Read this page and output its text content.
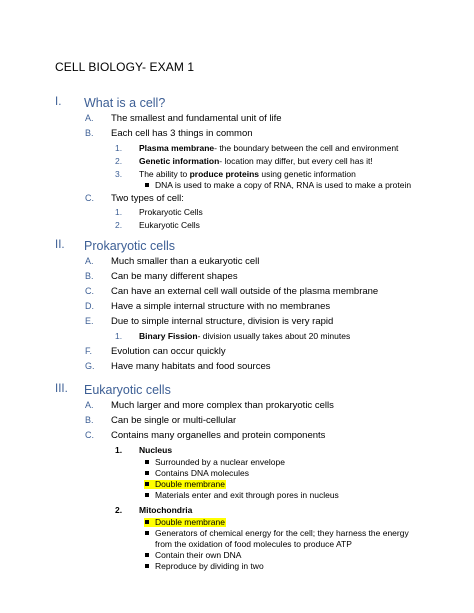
CELL BIOLOGY- EXAM 1
I. What is a cell?
A. The smallest and fundamental unit of life
B. Each cell has 3 things in common
1. Plasma membrane- the boundary between the cell and environment
2. Genetic information- location may differ, but every cell has it!
3. The ability to produce proteins using genetic information
DNA is used to make a copy of RNA, RNA is used to make a protein
C. Two types of cell:
1. Prokaryotic Cells
2. Eukaryotic Cells
II. Prokaryotic cells
A. Much smaller than a eukaryotic cell
B. Can be many different shapes
C. Can have an external cell wall outside of the plasma membrane
D. Have a simple internal structure with no membranes
E. Due to simple internal structure, division is very rapid
1. Binary Fission- division usually takes about 20 minutes
F. Evolution can occur quickly
G. Have many habitats and food sources
III. Eukaryotic cells
A. Much larger and more complex than prokaryotic cells
B. Can be single or multi-cellular
C. Contains many organelles and protein components
1. Nucleus
Surrounded by a nuclear envelope
Contains DNA molecules
Double membrane
Materials enter and exit through pores in nucleus
2. Mitochondria
Double membrane
Generators of chemical energy for the cell; they harness the energy
from the oxidation of food molecules to produce ATP
Contain their own DNA
Reproduce by dividing in two
